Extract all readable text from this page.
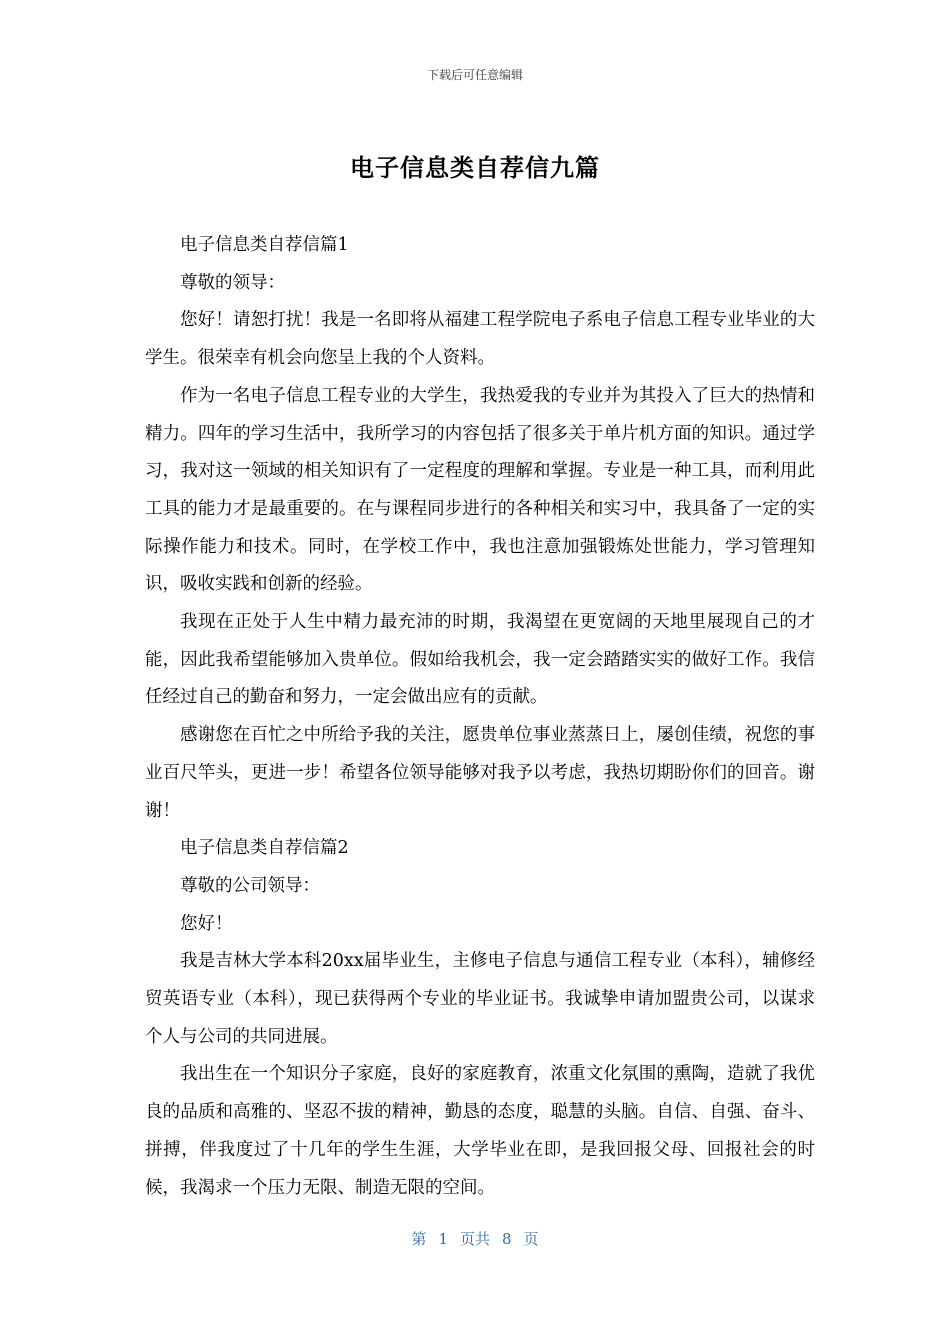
下载后可任意编辑
电子信息类自荐信九篇

电子信息类自荐信篇1

尊敬的领导：

您好！请恕打扰！我是一名即将从福建工程学院电子系电子信息工程专业毕业的大学生。很荣幸有机会向您呈上我的个人资料。

作为一名电子信息工程专业的大学生，我热爱我的专业并为其投入了巨大的热情和精力。四年的学习生活中，我所学习的内容包括了很多关于单片机方面的知识。通过学习，我对这一领域的相关知识有了一定程度的理解和掌握。专业是一种工具，而利用此工具的能力才是最重要的。在与课程同步进行的各种相关和实习中，我具备了一定的实际操作能力和技术。同时，在学校工作中，我也注意加强锻炼处世能力，学习管理知识，吸收实践和创新的经验。

我现在正处于人生中精力最充沛的时期，我渴望在更宽阔的天地里展现自己的才能，因此我希望能够加入贵单位。假如给我机会，我一定会踏踏实实的做好工作。我信任经过自己的勤奋和努力，一定会做出应有的贡献。

感谢您在百忙之中所给予我的关注，愿贵单位事业蒸蒸日上，屡创佳绩，祝您的事业百尺竿头，更进一步！希望各位领导能够对我予以考虑，我热切期盼你们的回音。谢谢！

电子信息类自荐信篇2

尊敬的公司领导：

您好！

我是吉林大学本科20xx届毕业生，主修电子信息与通信工程专业（本科），辅修经贸英语专业（本科），现已获得两个专业的毕业证书。我诚挚申请加盟贵公司，以谋求个人与公司的共同进展。

我出生在一个知识分子家庭，良好的家庭教育，浓重文化氛围的熏陶，造就了我优良的品质和高雅的、坚忍不拔的精神，勤恳的态度，聪慧的头脑。自信、自强、奋斗、拼搏，伴我度过了十几年的学生生涯，大学毕业在即，是我回报父母、回报社会的时候，我渴求一个压力无限、制造无限的空间。

第 1 页共 8 页
